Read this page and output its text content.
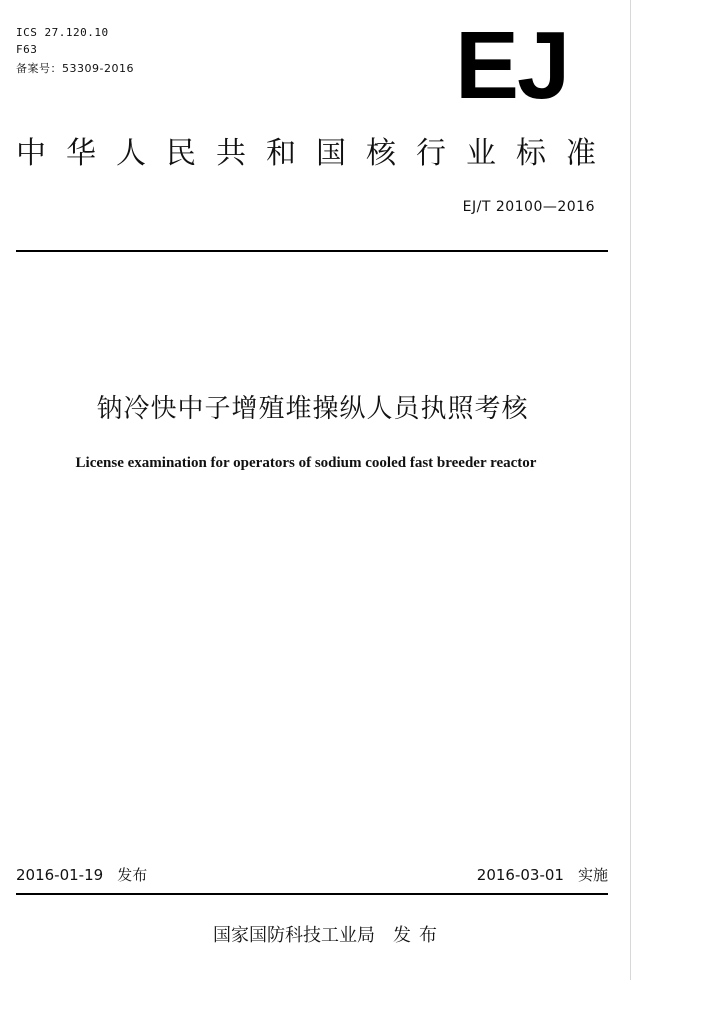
ICS 27.120.10
F63
备案号：53309-2016	EJ
中华人民共和国核行业标准
EJ/T 20100—2016
钠冷快中子增殖堆操纵人员执照考核
License examination for operators of sodium cooled fast breeder reactor
2016-01-19 发布	2016-03-01 实施
国家国防科技工业局 发布
